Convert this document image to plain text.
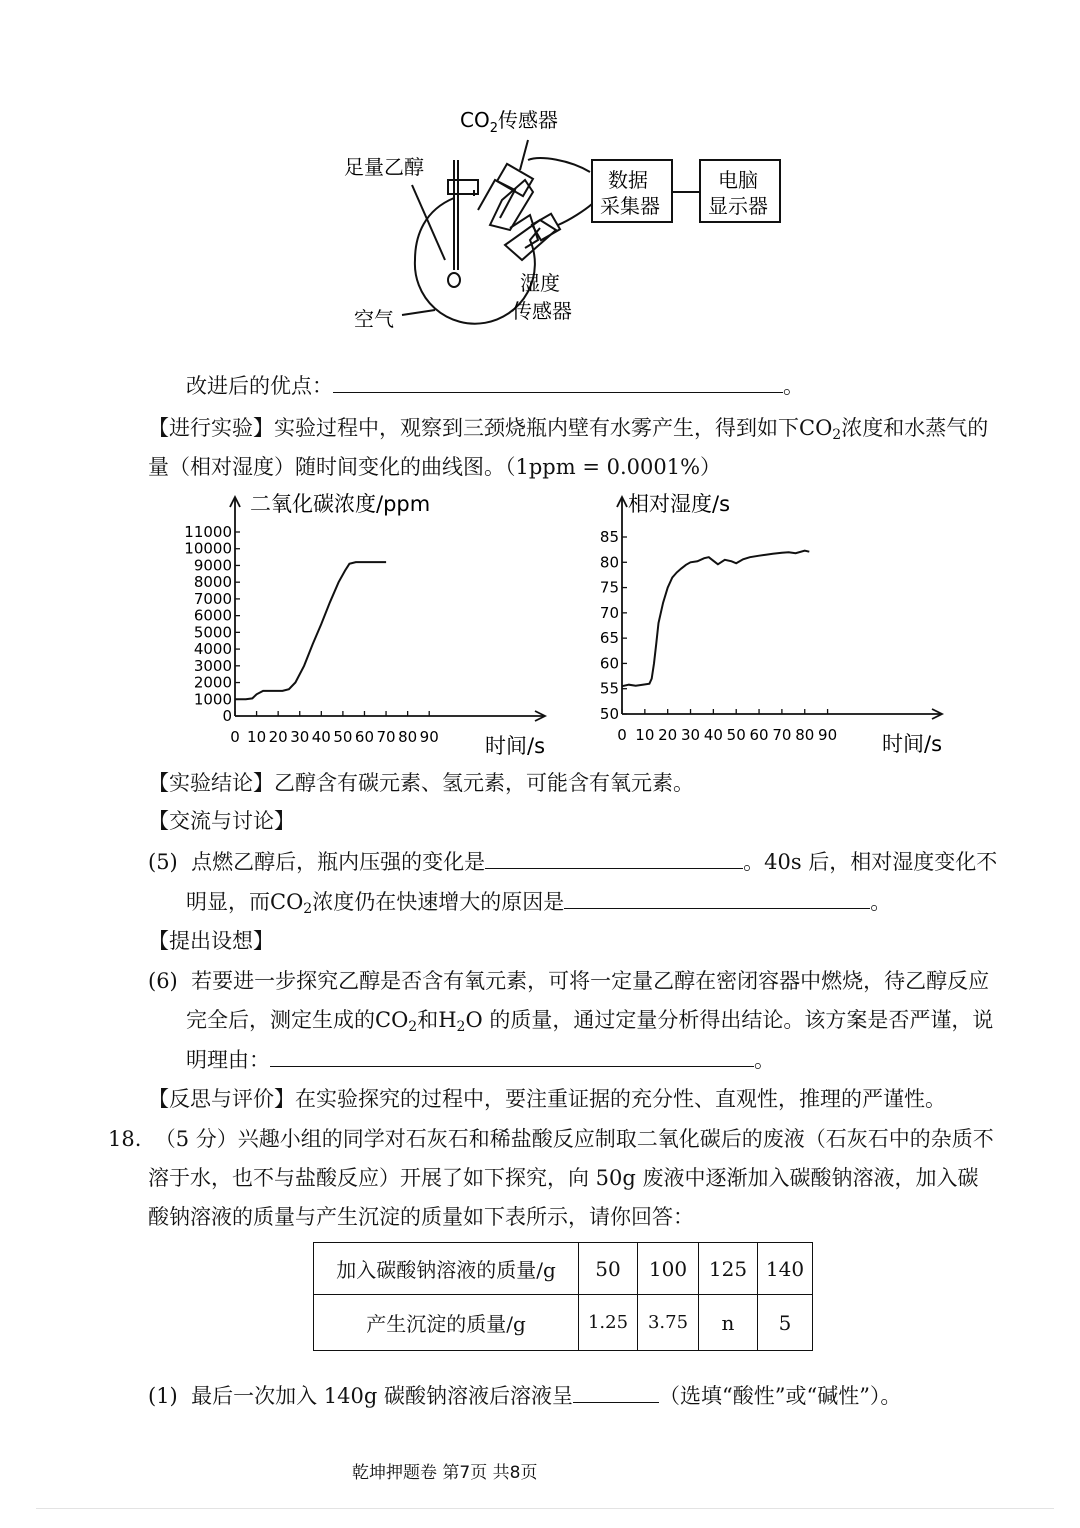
$CO_2$传感器
足量乙醇
数据
采集器
电脑
显示器
湿度
传感器
空气
改进后的优点：	。
【进行实验】实验过程中，观察到三颈烧瓶内壁有水雾产生，得到如下$CO_2$浓度和水蒸气的
量（相对湿度）随时间变化的曲线图。（1ppm = 0.0001%）
二氧化碳浓度/ppm
0 10 20 30 40 50 60 70 80 90 时间/s
0
1000
2000
3000
4000
5000
6000
7000
8000
9000
10000
11000
相对湿度/s
0 10 20 30 40 50 60 70 80 90 时间/s
50
55
60
65
70
75
80
85
【实验结论】乙醇含有碳元素、氢元素，可能含有氧元素。
【交流与讨论】
(5) 点燃乙醇后，瓶内压强的变化是	。40s 后，相对湿度变化不
明显，而$CO_2$浓度仍在快速增大的原因是	。
【提出设想】
(6) 若要进一步探究乙醇是否含有氧元素，可将一定量乙醇在密闭容器中燃烧，待乙醇反应
完全后，测定生成的$CO_2$和$H_2O$ 的质量，通过定量分析得出结论。该方案是否严谨，说
明理由：	。
【反思与评价】在实验探究的过程中，要注重证据的充分性、直观性，推理的严谨性。
18. （5 分）兴趣小组的同学对石灰石和稀盐酸反应制取二氧化碳后的废液（石灰石中的杂质不
溶于水，也不与盐酸反应）开展了如下探究，向 50g 废液中逐渐加入碳酸钠溶液，加入碳
酸钠溶液的质量与产生沉淀的质量如下表所示，请你回答：
加入碳酸钠溶液的质量/g	50	100	125	140
产生沉淀的质量/g	1.25	3.75	n	5
(1) 最后一次加入 140g 碳酸钠溶液后溶液呈	（选填“酸性”或“碱性”）。
乾坤押题卷 第7页 共8页
